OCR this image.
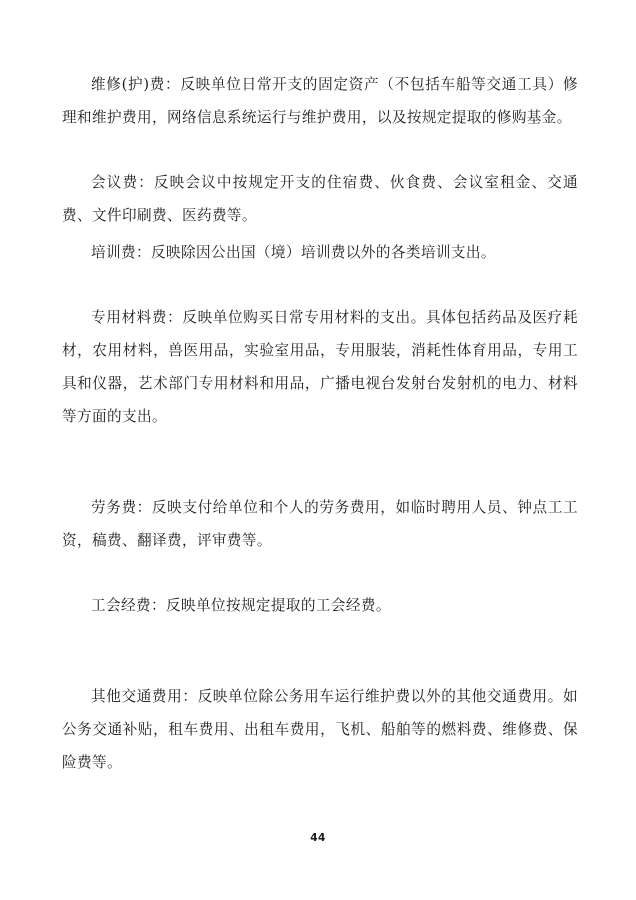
维修(护)费：反映单位日常开支的固定资产（不包括车船等交通工具）修理和维护费用，网络信息系统运行与维护费用，以及按规定提取的修购基金。

会议费：反映会议中按规定开支的住宿费、伙食费、会议室租金、交通费、文件印刷费、医药费等。

培训费：反映除因公出国（境）培训费以外的各类培训支出。

专用材料费：反映单位购买日常专用材料的支出。具体包括药品及医疗耗材，农用材料，兽医用品，实验室用品，专用服装，消耗性体育用品，专用工具和仪器，艺术部门专用材料和用品，广播电视台发射台发射机的电力、材料等方面的支出。

劳务费：反映支付给单位和个人的劳务费用，如临时聘用人员、钟点工工资，稿费、翻译费，评审费等。

工会经费：反映单位按规定提取的工会经费。

其他交通费用：反映单位除公务用车运行维护费以外的其他交通费用。如公务交通补贴，租车费用、出租车费用，飞机、船舶等的燃料费、维修费、保险费等。

44
